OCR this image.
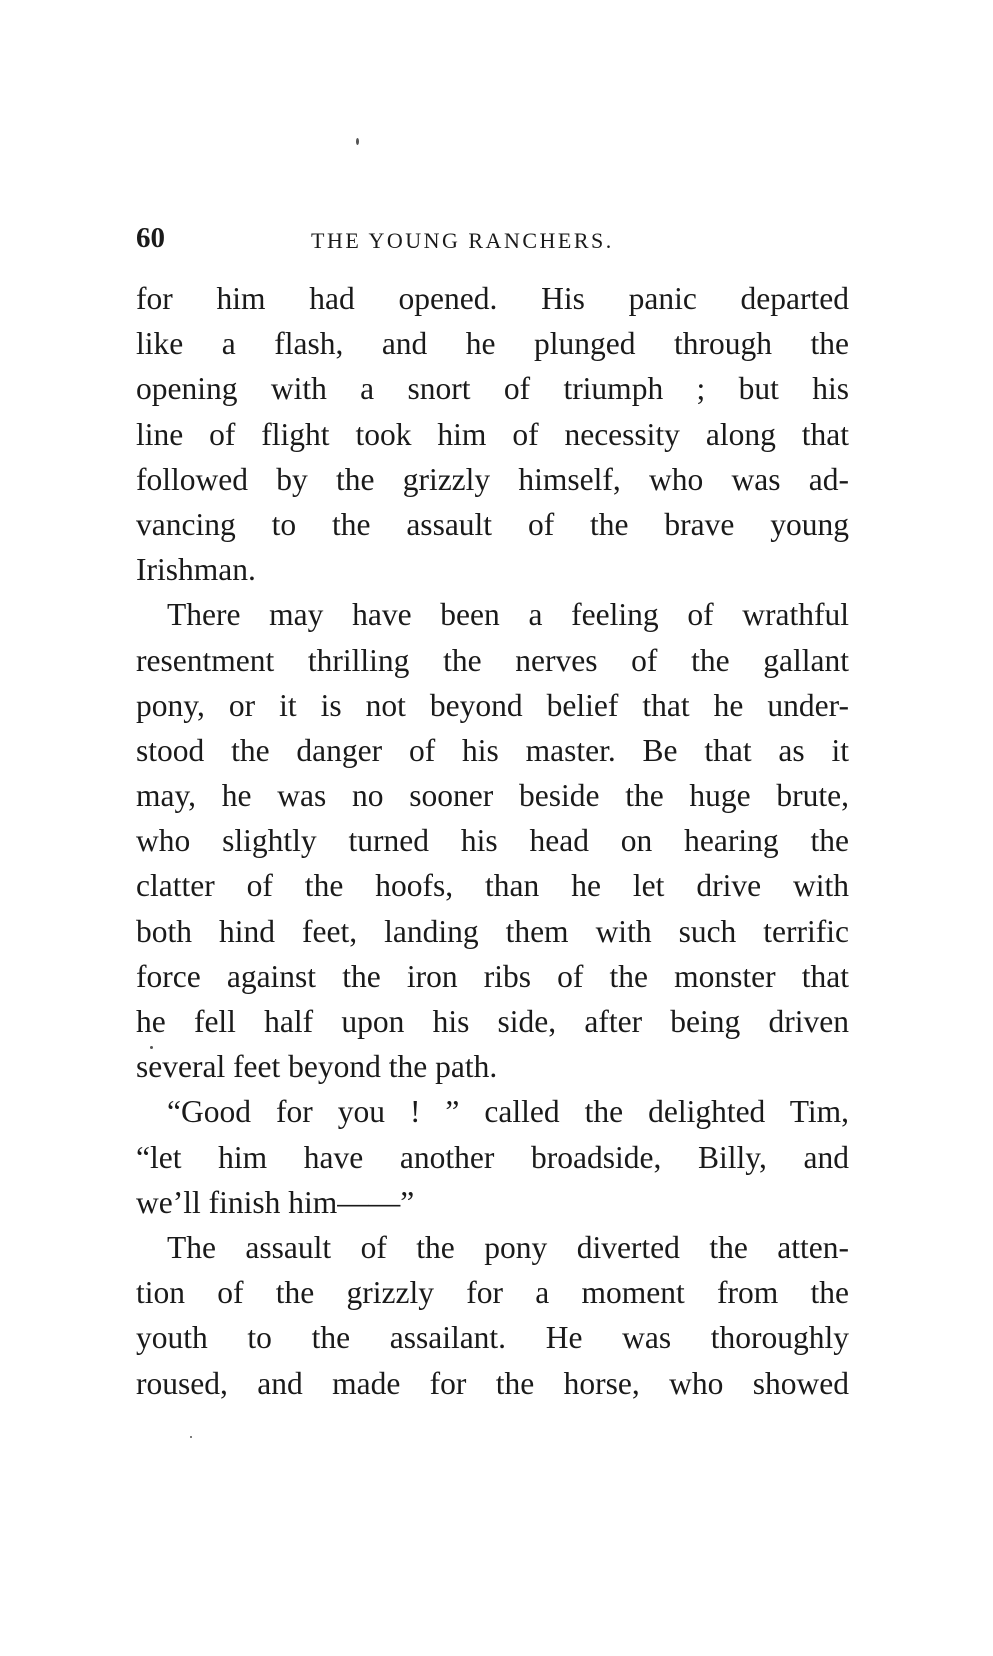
60	THE YOUNG RANCHERS.
for him had opened. His panic departed
like a flash, and he plunged through the
opening with a snort of triumph ; but his
line of flight took him of necessity along that
followed by the grizzly himself, who was ad-
vancing to the assault of the brave young
Irishman.
There may have been a feeling of wrathful
resentment thrilling the nerves of the gallant
pony, or it is not beyond belief that he under-
stood the danger of his master. Be that as it
may, he was no sooner beside the huge brute,
who slightly turned his head on hearing the
clatter of the hoofs, than he let drive with
both hind feet, landing them with such terrific
force against the iron ribs of the monster that
he fell half upon his side, after being driven
several feet beyond the path.
“Good for you ! ” called the delighted Tim,
“let him have another broadside, Billy, and
we’ll finish him——”
The assault of the pony diverted the atten-
tion of the grizzly for a moment from the
youth to the assailant. He was thoroughly
roused, and made for the horse, who showed
